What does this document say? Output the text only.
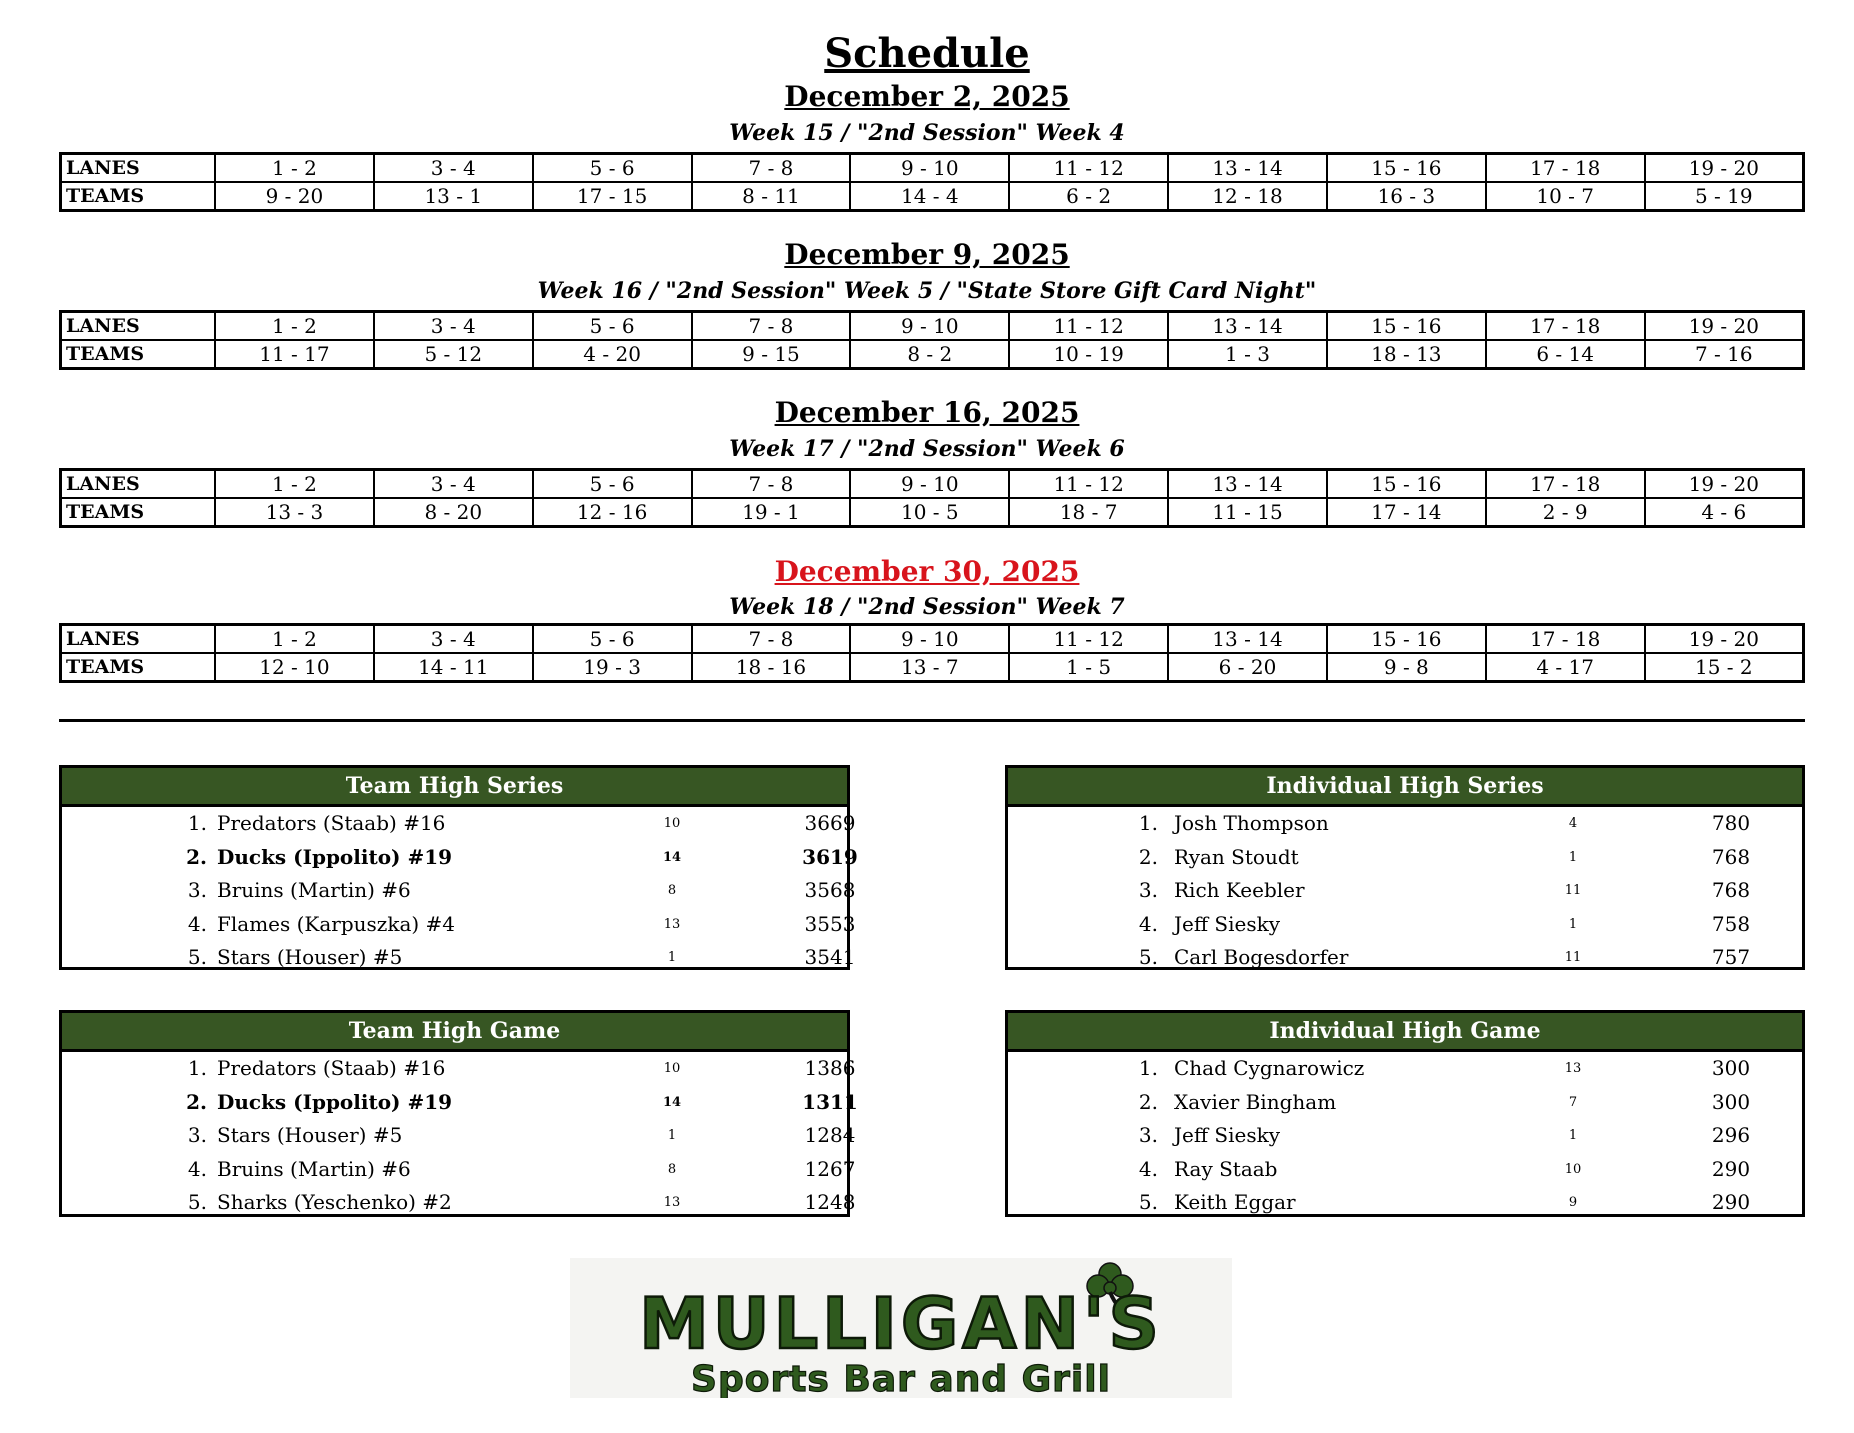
Schedule
December 2, 2025
Week 15 / "2nd Session" Week 4
LANES	1 - 2	3 - 4	5 - 6	7 - 8	9 - 10	11 - 12	13 - 14	15 - 16	17 - 18	19 - 20
TEAMS	9 - 20	13 - 1	17 - 15	8 - 11	14 - 4	6 - 2	12 - 18	16 - 3	10 - 7	5 - 19
December 9, 2025
Week 16 / "2nd Session" Week 5 / "State Store Gift Card Night"
LANES	1 - 2	3 - 4	5 - 6	7 - 8	9 - 10	11 - 12	13 - 14	15 - 16	17 - 18	19 - 20
TEAMS	11 - 17	5 - 12	4 - 20	9 - 15	8 - 2	10 - 19	1 - 3	18 - 13	6 - 14	7 - 16
December 16, 2025
Week 17 / "2nd Session" Week 6
LANES	1 - 2	3 - 4	5 - 6	7 - 8	9 - 10	11 - 12	13 - 14	15 - 16	17 - 18	19 - 20
TEAMS	13 - 3	8 - 20	12 - 16	19 - 1	10 - 5	18 - 7	11 - 15	17 - 14	2 - 9	4 - 6
December 30, 2025
Week 18 / "2nd Session" Week 7
LANES	1 - 2	3 - 4	5 - 6	7 - 8	9 - 10	11 - 12	13 - 14	15 - 16	17 - 18	19 - 20
TEAMS	12 - 10	14 - 11	19 - 3	18 - 16	13 - 7	1 - 5	6 - 20	9 - 8	4 - 17	15 - 2
Team High Series
1. Predators (Staab) #16	10	3669
2. Ducks (Ippolito) #19	14	3619
3. Bruins (Martin) #6	8	3568
4. Flames (Karpuszka) #4	13	3553
5. Stars (Houser) #5	1	3541
Individual High Series
1. Josh Thompson	4	780
2. Ryan Stoudt	1	768
3. Rich Keebler	11	768
4. Jeff Siesky	1	758
5. Carl Bogesdorfer	11	757
Team High Game
1. Predators (Staab) #16	10	1386
2. Ducks (Ippolito) #19	14	1311
3. Stars (Houser) #5	1	1284
4. Bruins (Martin) #6	8	1267
5. Sharks (Yeschenko) #2	13	1248
Individual High Game
1. Chad Cygnarowicz	13	300
2. Xavier Bingham	7	300
3. Jeff Siesky	1	296
4. Ray Staab	10	290
5. Keith Eggar	9	290
MULLIGAN'S
Sports Bar and Grill
